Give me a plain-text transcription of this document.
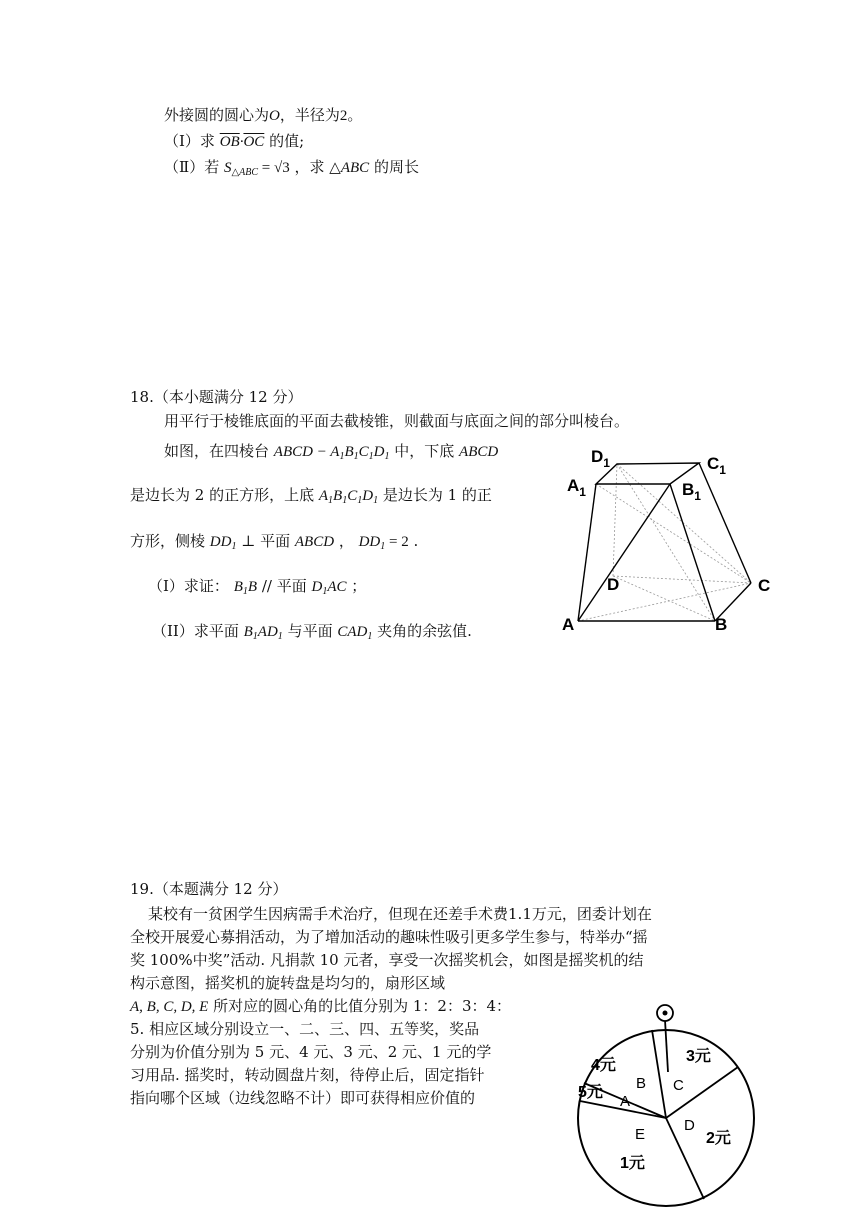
外接圆的圆心为O，半径为2。
（Ⅰ）求 $\overline{OB}\cdot\overline{OC}$ 的值;
（Ⅱ）若 $S_{\triangle ABC} = √3$ ，求 △ABC 的周长
18.（本小题满分 12 分）
用平行于棱锥底面的平面去截棱锥，则截面与底面之间的部分叫棱台。
如图，在四棱台 ABCD − $A_1B_1C_1D_1$ 中，下底 ABCD
是边长为 2 的正方形，上底 $A_1B_1C_1D_1$ 是边长为 1 的正
方形，侧棱 $DD_1$ ⊥ 平面 ABCD ， $DD_1 = 2$ .
（Ⅰ）求证： $B_1B$ // 平面 $D_1AC$ ；
（II）求平面 $B_1AD_1$ 与平面 $CAD_1$ 夹角的余弦值.
$D_1$	$C_1$
$A_1$	$B_1$
D	C
A	B
19.（本题满分 12 分）
某校有一贫困学生因病需手术治疗，但现在还差手术费1.1万元，团委计划在
全校开展爱心募捐活动，为了增加活动的趣味性吸引更多学生参与，特举办“摇
奖 100%中奖”活动. 凡捐款 10 元者，享受一次摇奖机会，如图是摇奖机的结
构示意图，摇奖机的旋转盘是均匀的，扇形区域
A, B, C, D, E 所对应的圆心角的比值分别为 1：2：3：4：
5. 相应区域分别设立一、二、三、四、五等奖，奖品
分别为价值分别为 5 元、4 元、3 元、2 元、1 元的学
习用品. 摇奖时，转动圆盘片刻，待停止后，固定指针
指向哪个区域（边线忽略不计）即可获得相应价值的
4元
3元
5元
2元
1元
A
B C
D
E
